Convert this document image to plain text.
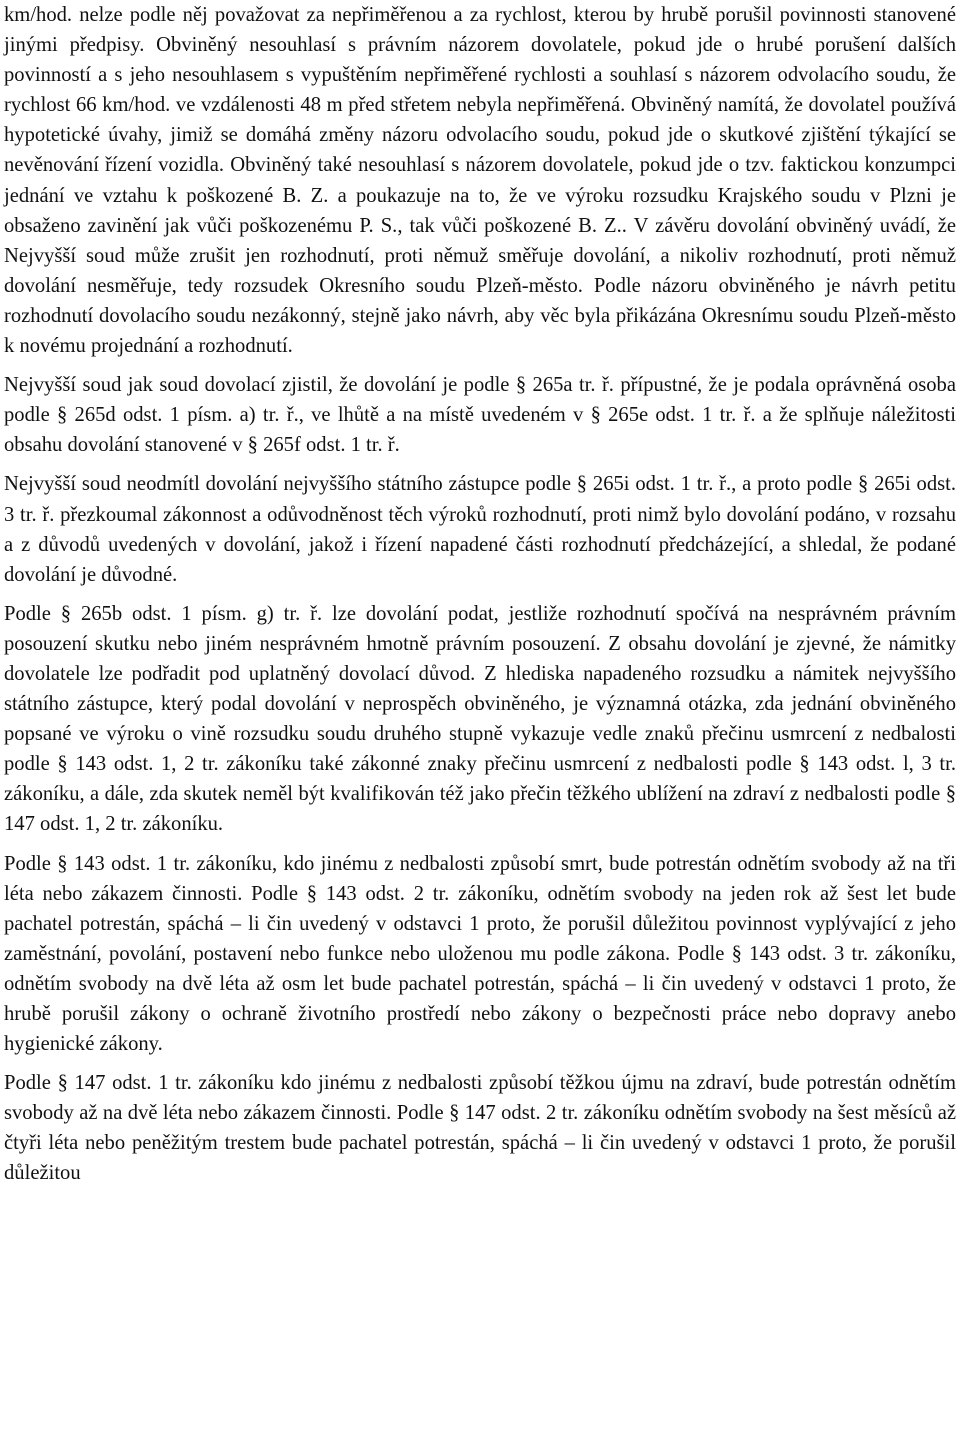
km/hod. nelze podle něj považovat za nepřiměřenou a za rychlost, kterou by hrubě porušil povinnosti stanovené jinými předpisy. Obviněný nesouhlasí s právním názorem dovolatele, pokud jde o hrubé porušení dalších povinností a s jeho nesouhlasem s vypuštěním nepřiměřené rychlosti a souhlasí s názorem odvolacího soudu, že rychlost 66 km/hod. ve vzdálenosti 48 m před střetem nebyla nepřiměřená. Obviněný namítá, že dovolatel používá hypotetické úvahy, jimiž se domáhá změny názoru odvolacího soudu, pokud jde o skutkové zjištění týkající se nevěnování řízení vozidla. Obviněný také nesouhlasí s názorem dovolatele, pokud jde o tzv. faktickou konzumpci jednání ve vztahu k poškozené B. Z. a poukazuje na to, že ve výroku rozsudku Krajského soudu v Plzni je obsaženo zavinění jak vůči poškozenému P. S., tak vůči poškozené B. Z.. V závěru dovolání obviněný uvádí, že Nejvyšší soud může zrušit jen rozhodnutí, proti němuž směřuje dovolání, a nikoliv rozhodnutí, proti němuž dovolání nesměřuje, tedy rozsudek Okresního soudu Plzeň-město. Podle názoru obviněného je návrh petitu rozhodnutí dovolacího soudu nezákonný, stejně jako návrh, aby věc byla přikázána Okresnímu soudu Plzeň-město k novému projednání a rozhodnutí.

Nejvyšší soud jak soud dovolací zjistil, že dovolání je podle § 265a tr. ř. přípustné, že je podala oprávněná osoba podle § 265d odst. 1 písm. a) tr. ř., ve lhůtě a na místě uvedeném v § 265e odst. 1 tr. ř. a že splňuje náležitosti obsahu dovolání stanovené v § 265f odst. 1 tr. ř.

Nejvyšší soud neodmítl dovolání nejvyššího státního zástupce podle § 265i odst. 1 tr. ř., a proto podle § 265i odst. 3 tr. ř. přezkoumal zákonnost a odůvodněnost těch výroků rozhodnutí, proti nimž bylo dovolání podáno, v rozsahu a z důvodů uvedených v dovolání, jakož i řízení napadené části rozhodnutí předcházející, a shledal, že podané dovolání je důvodné.

Podle § 265b odst. 1 písm. g) tr. ř. lze dovolání podat, jestliže rozhodnutí spočívá na nesprávném právním posouzení skutku nebo jiném nesprávném hmotně právním posouzení. Z obsahu dovolání je zjevné, že námitky dovolatele lze podřadit pod uplatněný dovolací důvod. Z hlediska napadeného rozsudku a námitek nejvyššího státního zástupce, který podal dovolání v neprospěch obviněného, je významná otázka, zda jednání obviněného popsané ve výroku o vině rozsudku soudu druhého stupně vykazuje vedle znaků přečinu usmrcení z nedbalosti podle § 143 odst. 1, 2 tr. zákoníku také zákonné znaky přečinu usmrcení z nedbalosti podle § 143 odst. l, 3 tr. zákoníku, a dále, zda skutek neměl být kvalifikován též jako přečin těžkého ublížení na zdraví z nedbalosti podle § 147 odst. 1, 2 tr. zákoníku.

Podle § 143 odst. 1 tr. zákoníku, kdo jinému z nedbalosti způsobí smrt, bude potrestán odnětím svobody až na tři léta nebo zákazem činnosti. Podle § 143 odst. 2 tr. zákoníku, odnětím svobody na jeden rok až šest let bude pachatel potrestán, spáchá – li čin uvedený v odstavci 1 proto, že porušil důležitou povinnost vyplývající z jeho zaměstnání, povolání, postavení nebo funkce nebo uloženou mu podle zákona. Podle § 143 odst. 3 tr. zákoníku, odnětím svobody na dvě léta až osm let bude pachatel potrestán, spáchá – li čin uvedený v odstavci 1 proto, že hrubě porušil zákony o ochraně životního prostředí nebo zákony o bezpečnosti práce nebo dopravy anebo hygienické zákony.

Podle § 147 odst. 1 tr. zákoníku kdo jinému z nedbalosti způsobí těžkou újmu na zdraví, bude potrestán odnětím svobody až na dvě léta nebo zákazem činnosti. Podle § 147 odst. 2 tr. zákoníku odnětím svobody na šest měsíců až čtyři léta nebo peněžitým trestem bude pachatel potrestán, spáchá – li čin uvedený v odstavci 1 proto, že porušil důležitou
